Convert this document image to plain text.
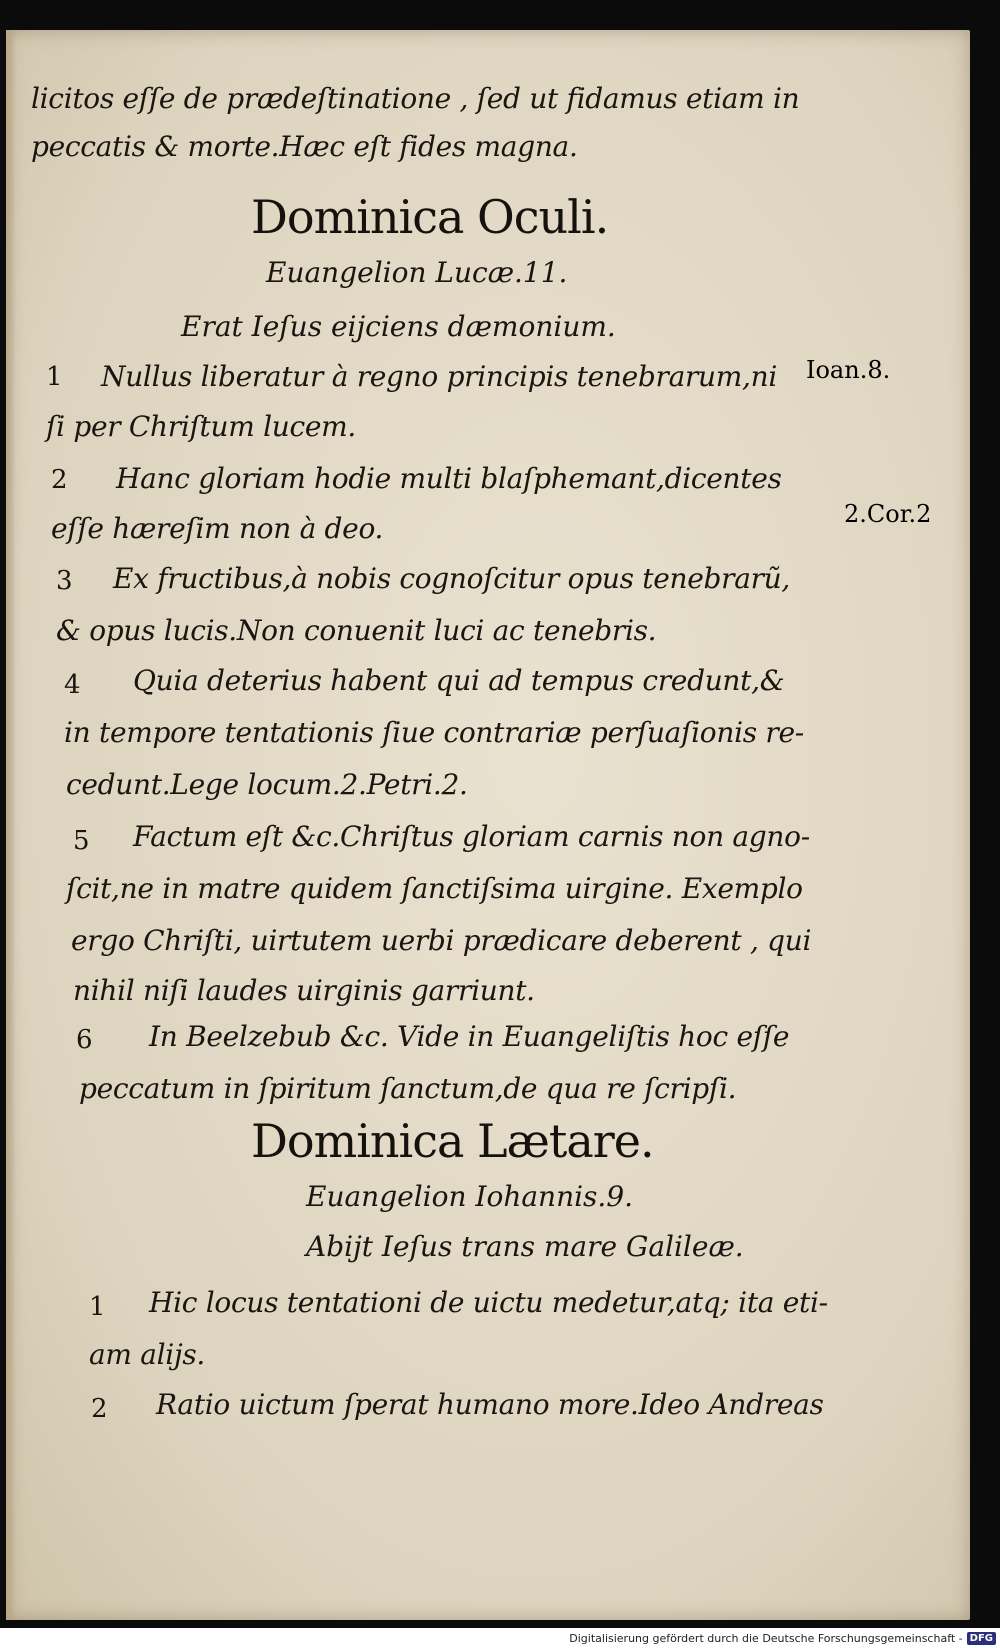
licitos eſſe de prædeſtinatione , ſed ut fidamus etiam in
peccatis & morte.Hæc eſt fides magna.
Dominica Oculi.
Euangelion Lucæ.11.
Erat Ieſus eijciens dæmonium.
1 Nullus liberatur à regno principis tenebrarum,ni
ſi per Chriſtum lucem.
2 Hanc gloriam hodie multi blaſphemant,dicentes
eſſe hæreſim non à deo.
3 Ex fructibus,à nobis cognoſcitur opus tenebrarũ,
& opus lucis.Non conuenit luci ac tenebris.
4 Quia deterius habent qui ad tempus credunt,&
in tempore tentationis ſiue contrariæ perſuaſionis re-
cedunt.Lege locum.2.Petri.2.
5 Factum eſt &c.Chriſtus gloriam carnis non agno-
ſcit,ne in matre quidem ſanctiſsima uirgine. Exemplo
ergo Chriſti, uirtutem uerbi prædicare deberent , qui
nihil niſi laudes uirginis garriunt.
6 In Beelzebub &c. Vide in Euangeliſtis hoc eſſe
peccatum in ſpiritum ſanctum,de qua re ſcripſi.
Dominica Lætare.
Euangelion Iohannis.9.
Abijt Ieſus trans mare Galileæ.
1 Hic locus tentationi de uictu medetur,atq; ita eti-
am alijs.
2 Ratio uictum ſperat humano more.Ideo Andreas
Ioan.8.
2.Cor.2
Digitalisierung gefördert durch die Deutsche Forschungsgemeinschaft - DFG
